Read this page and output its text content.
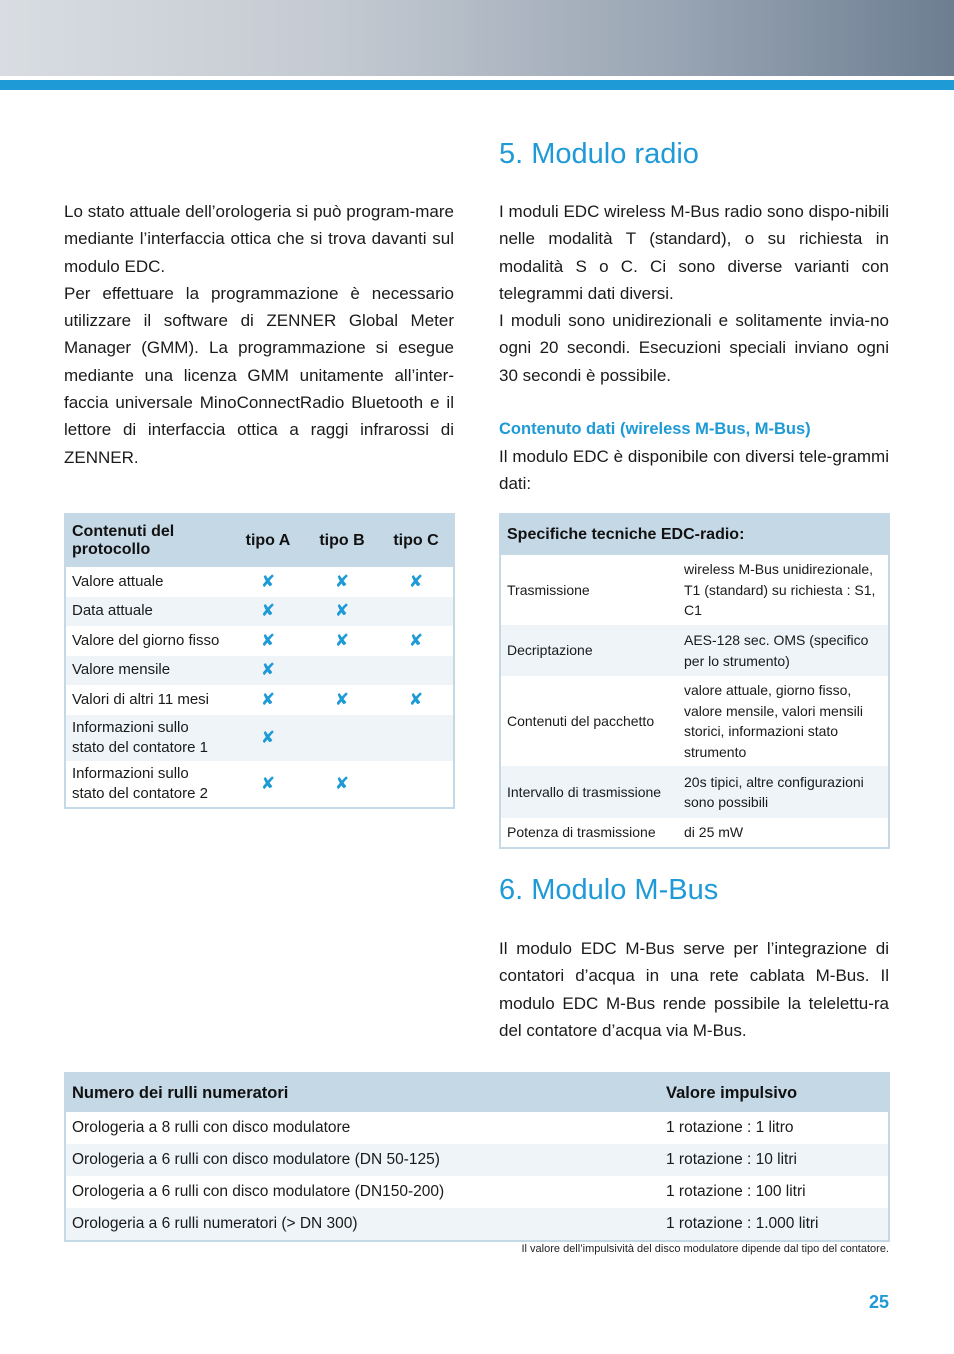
Lo stato attuale dell’orologeria si può program-mare mediante l’interfaccia ottica che si trova davanti sul modulo EDC.

Per effettuare la programmazione è necessario utilizzare il software di ZENNER Global Meter Manager (GMM). La programmazione si esegue mediante una licenza GMM unitamente all’inter-faccia universale MinoConnectRadio Bluetooth e il lettore di interfaccia ottica a raggi infrarossi di ZENNER.

Contenuti del protocollo	tipo A	tipo B	tipo C
Valore attuale	✘	✘	✘
Data attuale	✘	✘	
Valore del giorno fisso	✘	✘	✘
Valore mensile	✘		
Valori di altri 11 mesi	✘	✘	✘
Informazioni sullo stato del contatore 1	✘		
Informazioni sullo stato del contatore 2	✘	✘	
5. Modulo radio

I moduli EDC wireless M-Bus radio sono dispo-nibili nelle modalità T (standard), o su richiesta in modalità S o C. Ci sono diverse varianti con telegrammi dati diversi.

I moduli sono unidirezionali e solitamente invia-no ogni 20 secondi. Esecuzioni speciali inviano ogni 30 secondi è possibile.

Contenuto dati (wireless M-Bus, M-Bus)

Il modulo EDC è disponibile con diversi tele-grammi dati:

Specifiche tecniche EDC-radio:	
Trasmissione	wireless M-Bus unidirezionale, T1 (standard) su richiesta : S1, C1
Decriptazione	AES-128 sec. OMS (specifico per lo strumento)
Contenuti del pacchetto	valore attuale, giorno fisso, valore mensile, valori mensili storici, informazioni stato strumento
Intervallo di trasmissione	20s tipici, altre configurazioni sono possibili
Potenza di trasmissione	di 25 mW
6. Modulo M-Bus

Il modulo EDC M-Bus serve per l’integrazione di contatori d’acqua in una rete cablata M-Bus. Il modulo EDC M-Bus rende possibile la telelettu-ra del contatore d’acqua via M-Bus.

Numero dei rulli numeratori	Valore impulsivo
Orologeria a 8 rulli con disco modulatore	1 rotazione : 1 litro
Orologeria a 6 rulli con disco modulatore (DN 50-125)	1 rotazione : 10 litri
Orologeria a 6 rulli con disco modulatore (DN150-200)	1 rotazione : 100 litri
Orologeria a 6 rulli numeratori (> DN 300)	1 rotazione : 1.000 litri
Il valore dell’impulsività del disco modulatore dipende dal tipo del contatore.
25
